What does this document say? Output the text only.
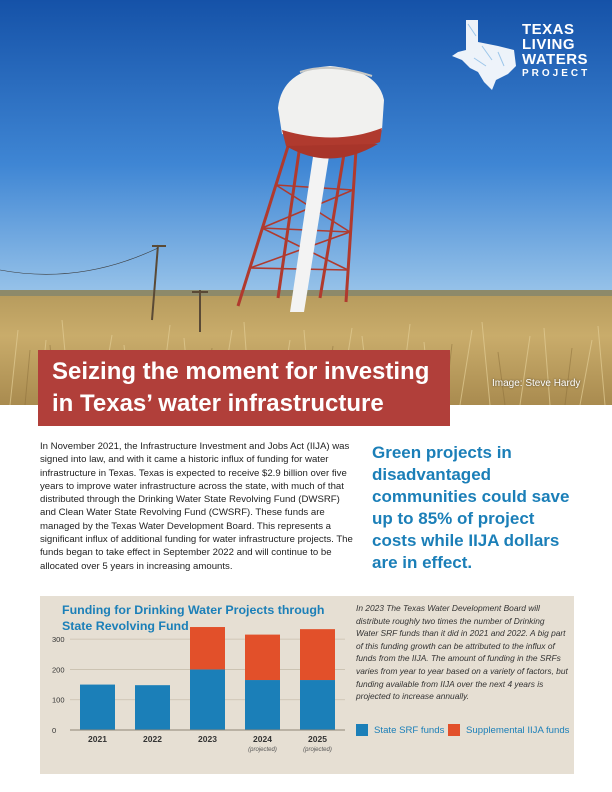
TEXAS
LIVING
WATERS
PROJECT
Image: Steve Hardy
Seizing the moment for investing
in Texas’ water infrastructure
In November 2021, the Infrastructure Investment and Jobs Act (IIJA) was signed into law, and with it came a historic influx of funding for water infrastructure in Texas. Texas is expected to receive $2.9 billion over five years to improve water infrastructure across the state, with much of that distributed through the Drinking Water State Revolving Fund (DWSRF) and Clean Water State Revolving Fund (CWSRF). These funds are managed by the Texas Water Development Board. This represents a significant influx of additional funding for water infrastructure projects. The funds began to take effect in September 2022 and will continue to be allocated over 5 years in increasing amounts.
Green projects in disadvantaged communities could save up to 85% of project costs while IIJA dollars are in effect.
Funding for Drinking Water Projects through State Revolving Fund
0
100
200
300
2021	2022	2023	2024
(projected)
2025
(projected)
In 2023 The Texas Water Development Board will distribute roughly two times the number of Drinking Water SRF funds than it did in 2021 and 2022. A big part of this funding growth can be attributed to the influx of funds from the IIJA. The amount of funding in the SRFs varies from year to year based on a variety of factors, but funding available from IIJA over the next 4 years is projected to increase annually.
State SRF funds Supplemental IIJA funds
